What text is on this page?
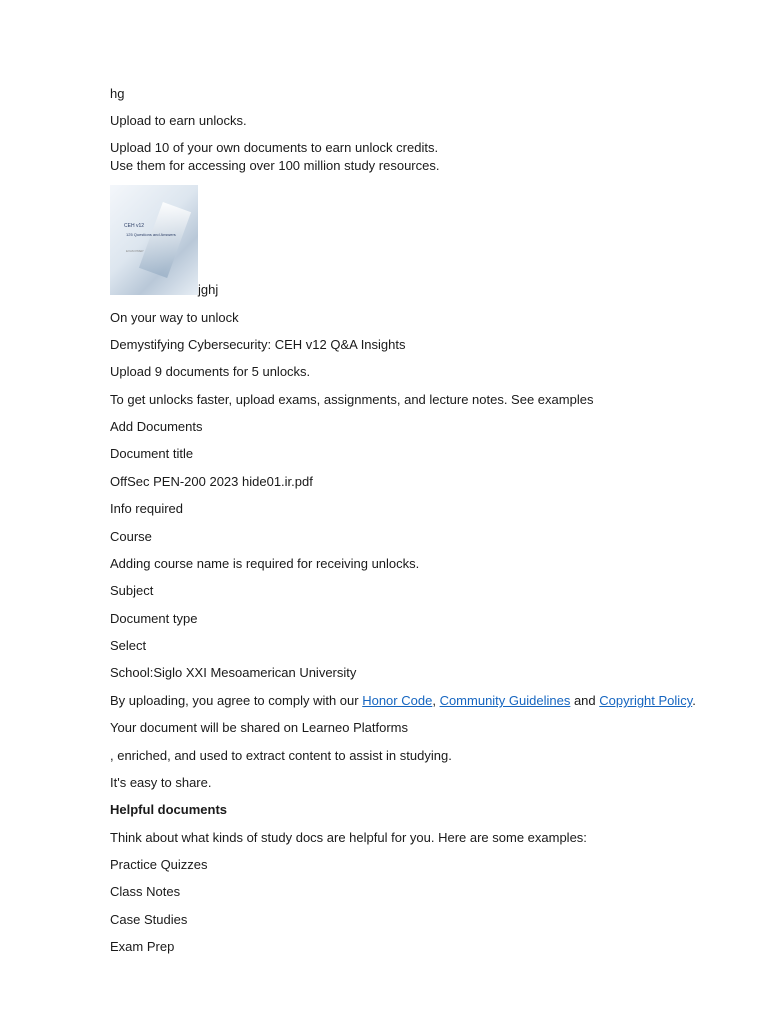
hg
Upload to earn unlocks.
Upload 10 of your own documents to earn unlock credits.
Use them for accessing over 100 million study resources.
CEH v12
125 Questions and Answers
EXAM PREP
jghj
On your way to unlock
Demystifying Cybersecurity: CEH v12 Q&A Insights
Upload 9 documents for 5 unlocks.
To get unlocks faster, upload exams, assignments, and lecture notes. See examples
Add Documents
Document title
OffSec PEN-200 2023 hide01.ir.pdf
Info required
Course
Adding course name is required for receiving unlocks.
Subject
Document type
Select
School:Siglo XXI Mesoamerican University
By uploading, you agree to comply with our Honor Code, Community Guidelines and Copyright Policy.
Your document will be shared on Learneo Platforms
, enriched, and used to extract content to assist in studying.
It's easy to share.
Helpful documents
Think about what kinds of study docs are helpful for you. Here are some examples:
Practice Quizzes
Class Notes
Case Studies
Exam Prep
